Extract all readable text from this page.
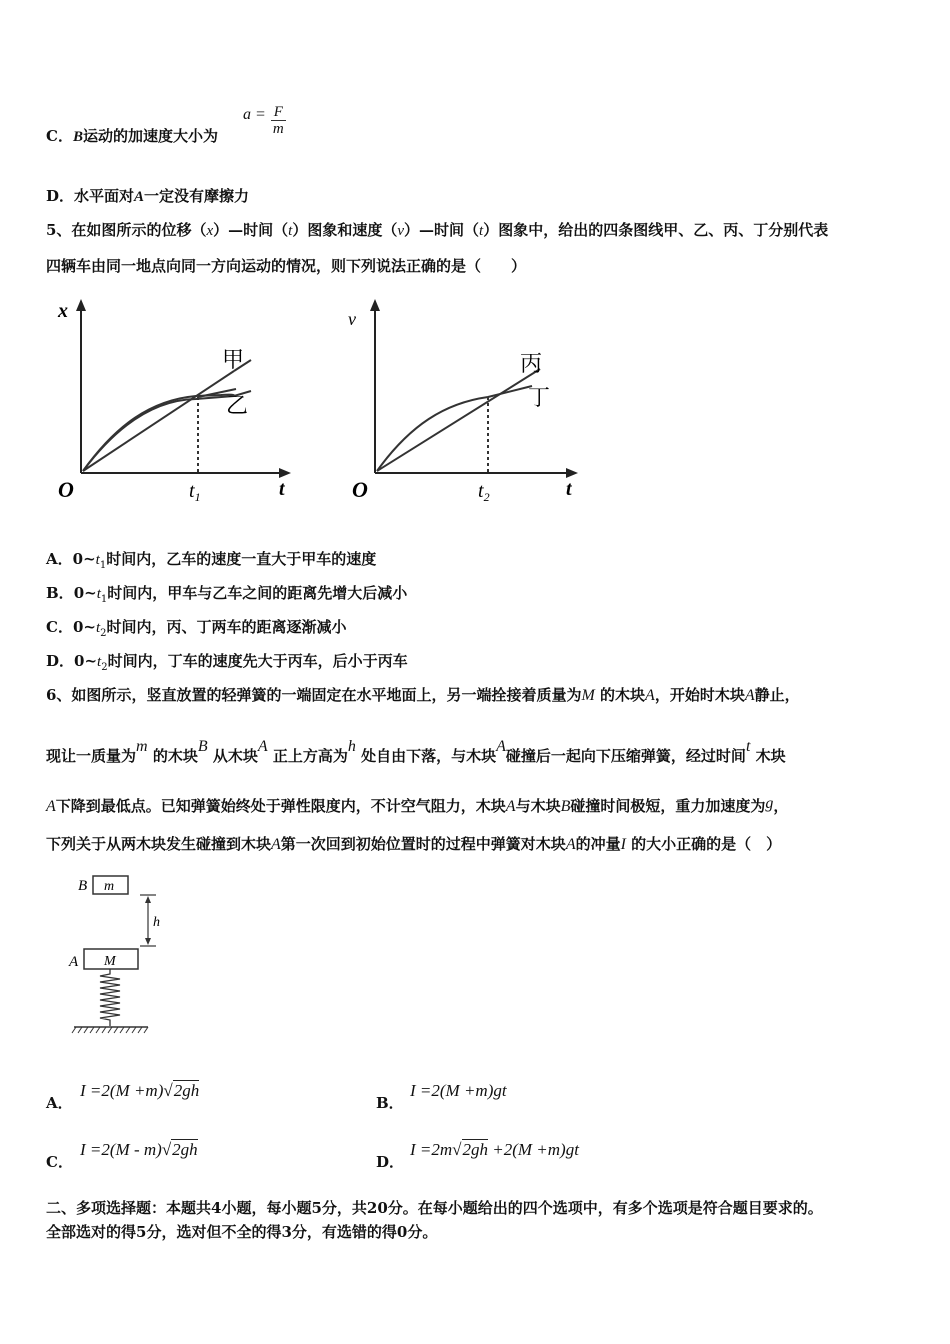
C．B运动的加速度大小为
$a = \frac{F}{m}$
D．水平面对A一定没有摩擦力
5、在如图所示的位移（x）—时间（t）图象和速度（v）—时间（t）图象中，给出的四条图线甲、乙、丙、丁分别代表
四辆车由同一地点向同一方向运动的情况，则下列说法正确的是（　　）
x
t
O
甲
乙
$t_1$
v
t
O
丙
丁
$t_2$
A．$0\sim t_1$时间内，乙车的速度一直大于甲车的速度
B．$0\sim t_1$时间内，甲车与乙车之间的距离先增大后减小
C．$0\sim t_2$时间内，丙、丁两车的距离逐渐减小
D．$0\sim t_2$时间内，丁车的速度先大于丙车，后小于丙车
6、如图所示，竖直放置的轻弹簧的一端固定在水平地面上，另一端拴接着质量为M 的木块A，开始时木块A静止，
现让一质量为m 的木块B 从木块A 正上方高为h 处自由下落，与木块A碰撞后一起向下压缩弹簧，经过时间t 木块
A下降到最低点。已知弹簧始终处于弹性限度内，不计空气阻力，木块A与木块B碰撞时间极短，重力加速度为g，
下列关于从两木块发生碰撞到木块A第一次回到初始位置时的过程中弹簧对木块A的冲量I 的大小正确的是（　）
B m
h
A M
A．
I =2(M +m)√2gh
B．
I =2(M +m)gt
C．
I =2(M - m)√2gh
D．
I =2m√2gh +2(M +m)gt
二、多项选择题：本题共4小题，每小题5分，共20分。在每小题给出的四个选项中，有多个选项是符合题目要求的。
全部选对的得5分，选对但不全的得3分，有选错的得0分。
